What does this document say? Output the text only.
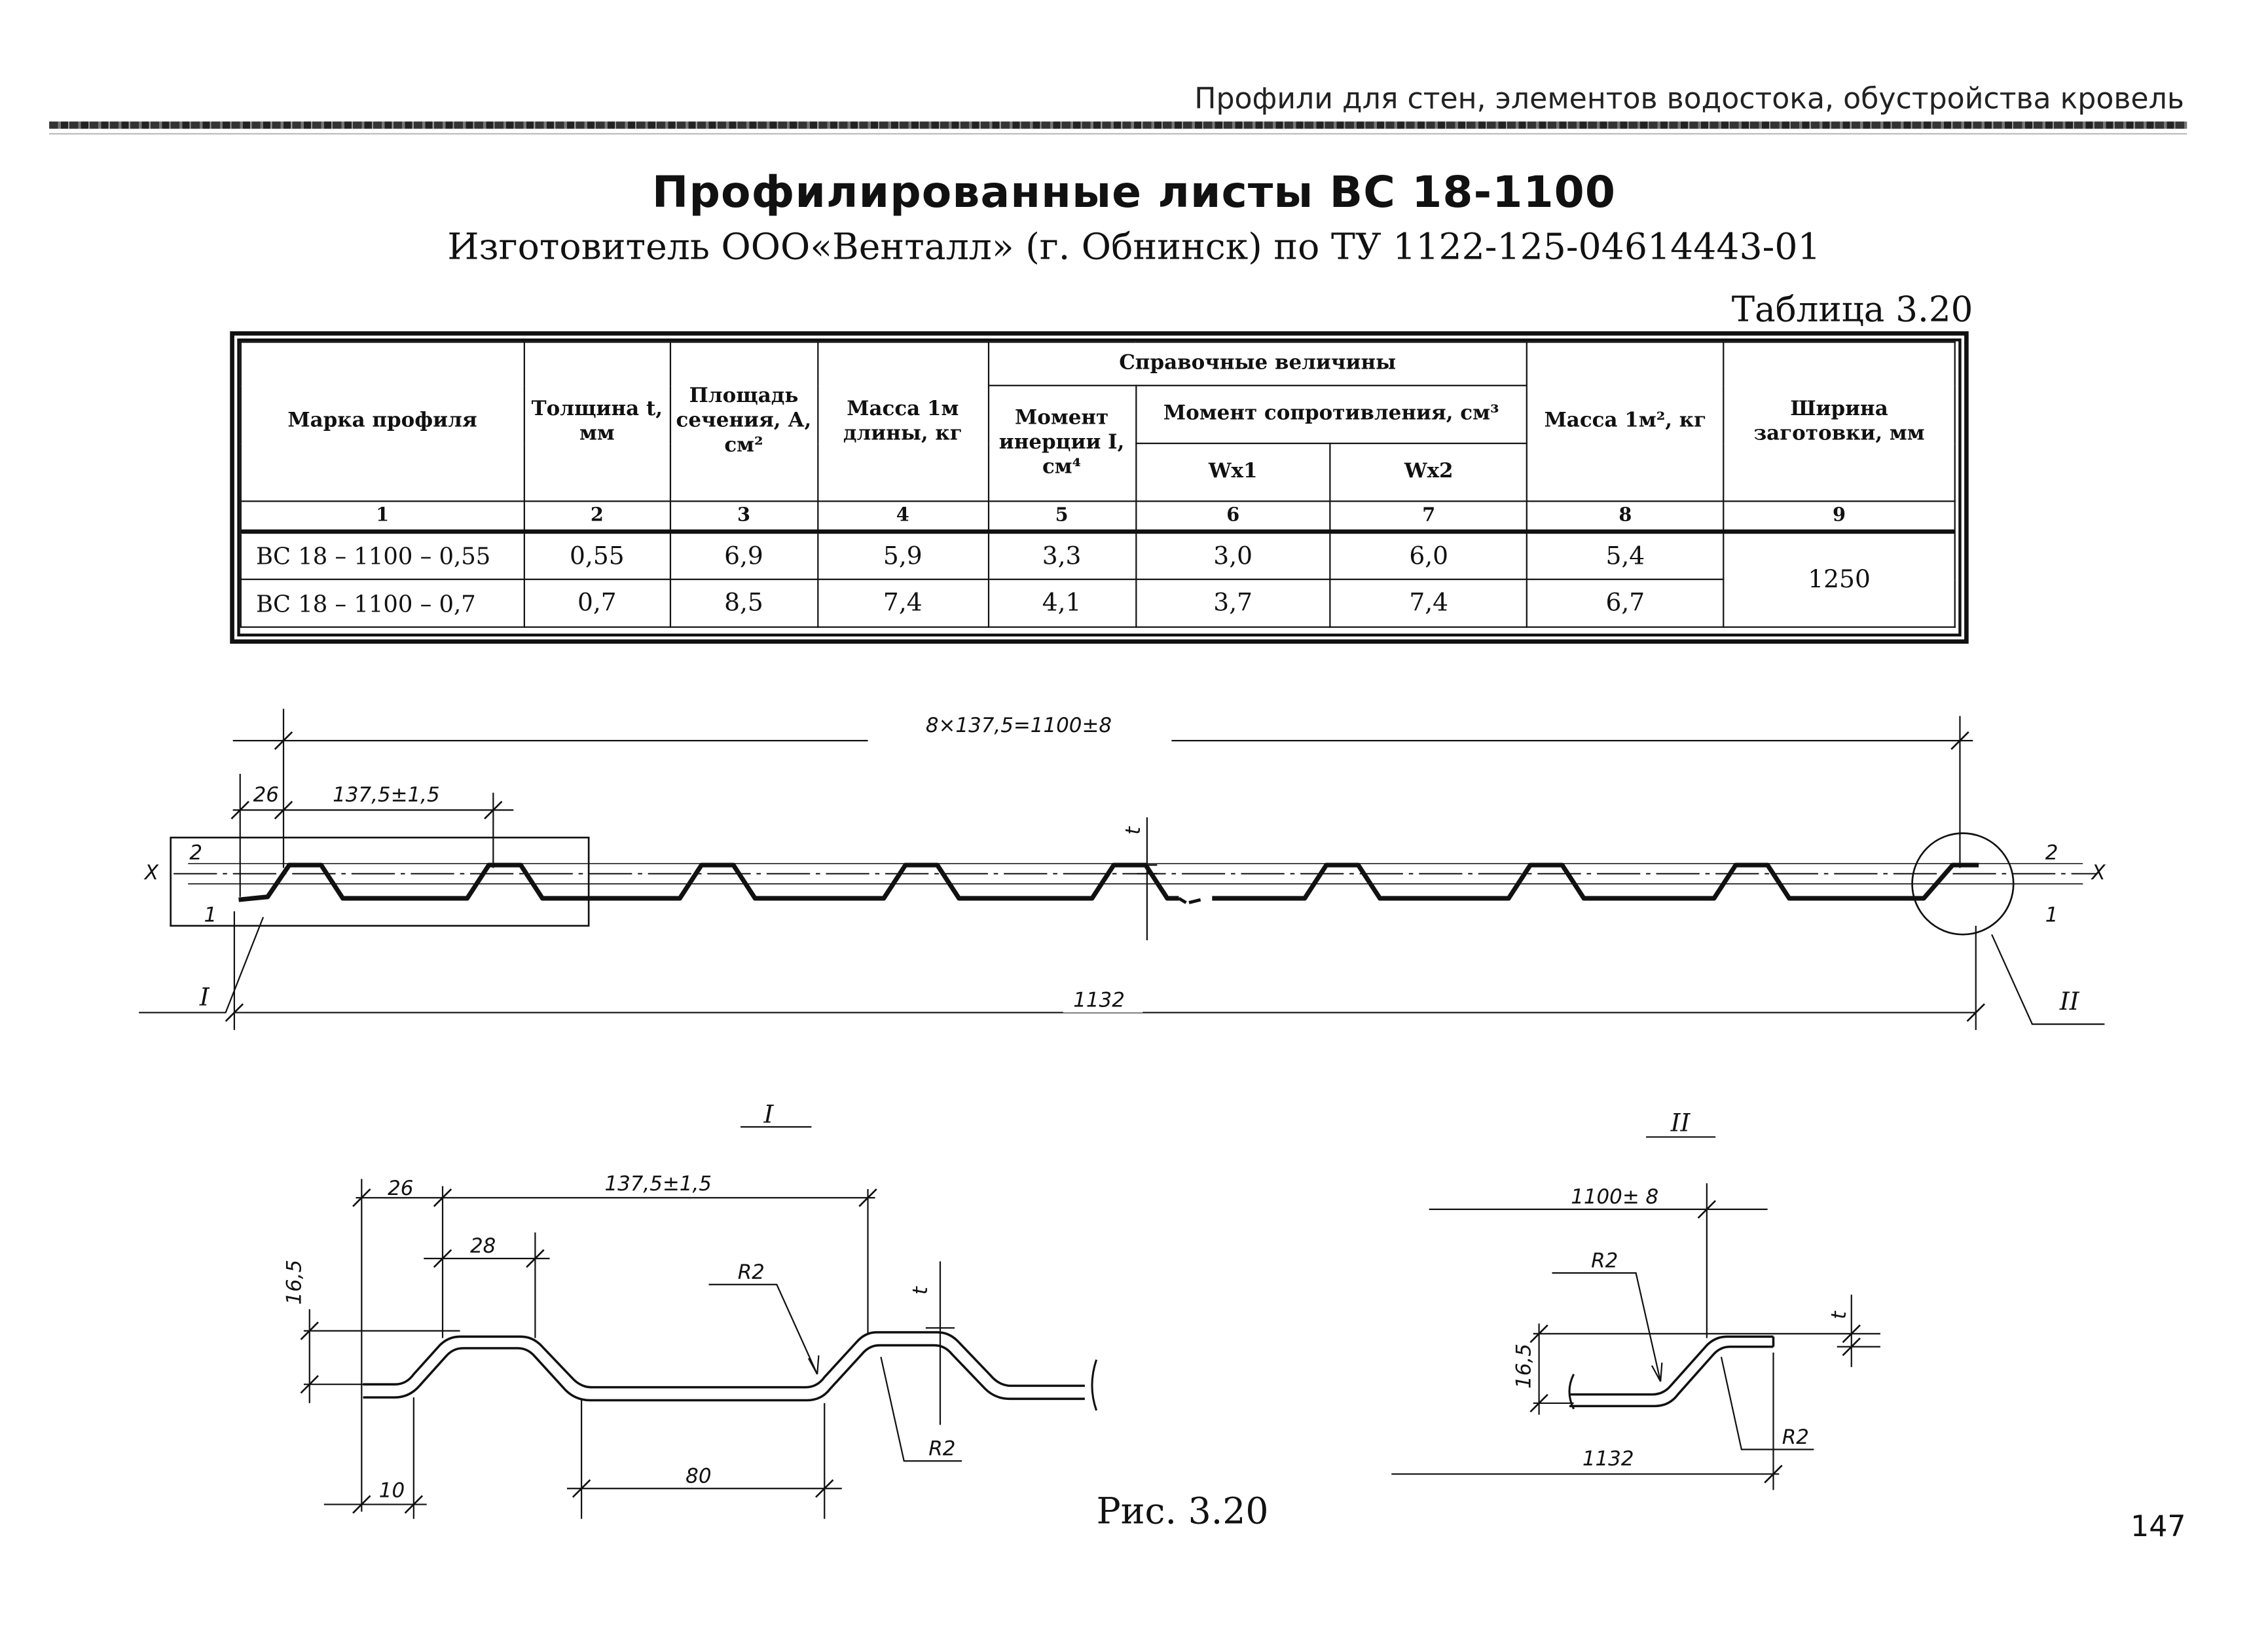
Профили для стен, элементов водостока, обустройства кровель
Профилированные листы ВС 18-1100
Изготовитель ООО«Венталл» (г. Обнинск) по ТУ 1122-125-04614443-01
Таблица 3.20
Марка профиля	Толщина t, мм	Площадь сечения, А, см²	Масса 1м длины, кг	Справочные величины			Масса 1м², кг	Ширина заготовки, мм
				Момент инерции I, см⁴	Момент сопротивления, см³			
					Wx1	Wx2		
1	2	3	4	5	6	7	8	9
ВС 18 – 1100 – 0,55	0,55	6,9	5,9	3,3	3,0	6,0	5,4	1250
ВС 18 – 1100 – 0,7	0,7	8,5	7,4	4,1	3,7	7,4	6,7	
8×137,5=1100±8
26	137,5±1,5
X	X
2
1
2
1
t
I	II
1132
I
26	137,5±1,5
28
16,5	R2
R2
t
10
80
II
1100± 8
R2
R2
16,5
t
1132
Рис. 3.20	147
